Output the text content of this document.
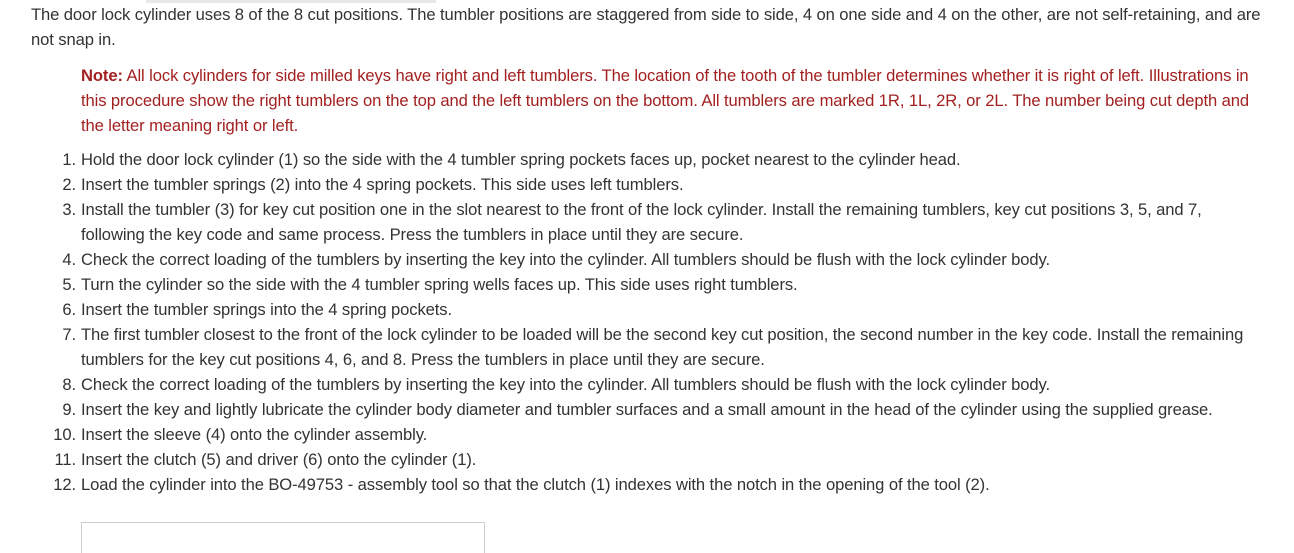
The door lock cylinder uses 8 of the 8 cut positions. The tumbler positions are staggered from side to side, 4 on one side and 4 on the other, are not self-retaining, and are not snap in.

Note: All lock cylinders for side milled keys have right and left tumblers. The location of the tooth of the tumbler determines whether it is right of left. Illustrations in this procedure show the right tumblers on the top and the left tumblers on the bottom. All tumblers are marked 1R, 1L, 2R, or 2L. The number being cut depth and the letter meaning right or left.

1. Hold the door lock cylinder (1) so the side with the 4 tumbler spring pockets faces up, pocket nearest to the cylinder head.
2. Insert the tumbler springs (2) into the 4 spring pockets. This side uses left tumblers.
3. Install the tumbler (3) for key cut position one in the slot nearest to the front of the lock cylinder. Install the remaining tumblers, key cut positions 3, 5, and 7, following the key code and same process. Press the tumblers in place until they are secure.
4. Check the correct loading of the tumblers by inserting the key into the cylinder. All tumblers should be flush with the lock cylinder body.
5. Turn the cylinder so the side with the 4 tumbler spring wells faces up. This side uses right tumblers.
6. Insert the tumbler springs into the 4 spring pockets.
7. The first tumbler closest to the front of the lock cylinder to be loaded will be the second key cut position, the second number in the key code. Install the remaining tumblers for the key cut positions 4, 6, and 8. Press the tumblers in place until they are secure.
8. Check the correct loading of the tumblers by inserting the key into the cylinder. All tumblers should be flush with the lock cylinder body.
9. Insert the key and lightly lubricate the cylinder body diameter and tumbler surfaces and a small amount in the head of the cylinder using the supplied grease.
10. Insert the sleeve (4) onto the cylinder assembly.
11. Insert the clutch (5) and driver (6) onto the cylinder (1).
12. Load the cylinder into the BO-49753 - assembly tool so that the clutch (1) indexes with the notch in the opening of the tool (2).
